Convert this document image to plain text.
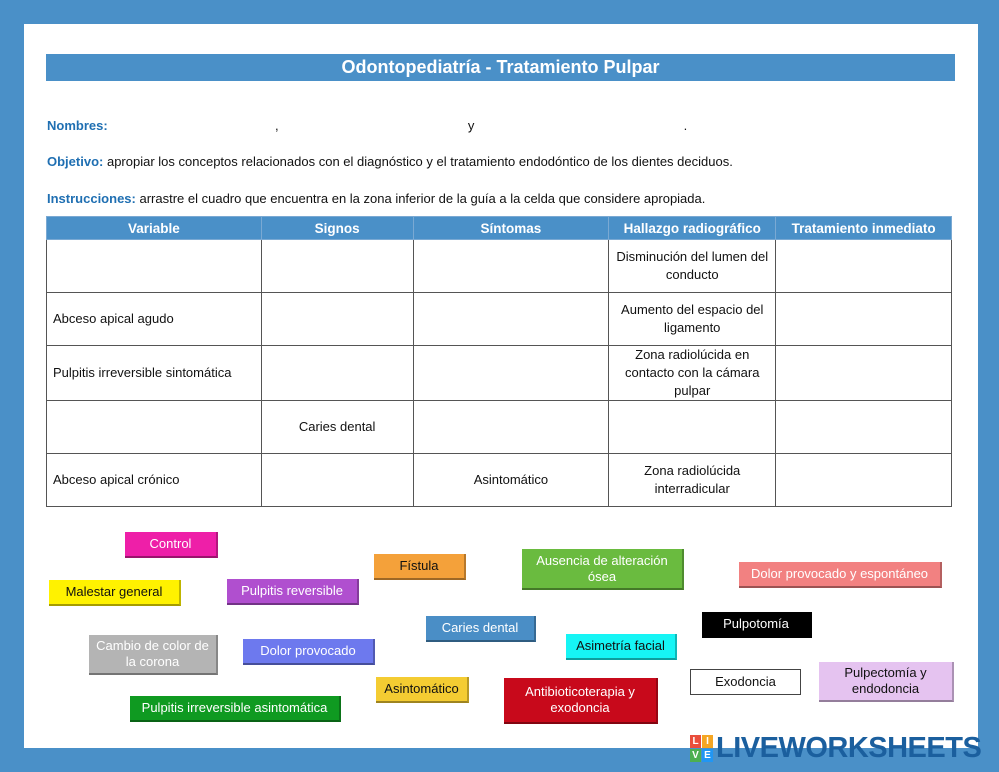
Odontopediatría - Tratamiento Pulpar
Nombres:	,	y	.
Objetivo: apropiar los conceptos relacionados con el diagnóstico y el tratamiento endodóntico de los dientes deciduos.
Instrucciones: arrastre el cuadro que encuentra en la zona inferior de la guía a la celda que considere apropiada.
Variable	Signos	Síntomas	Hallazgo radiográfico	Tratamiento inmediato
			Disminución del lumen del conducto	
Abceso apical agudo			Aumento del espacio del ligamento	
Pulpitis irreversible sintomática			Zona radiolúcida en contacto con la cámara pulpar	
	Caries dental			
Abceso apical crónico		Asintomático	Zona radiolúcida interradicular	
Control
Fístula	Ausencia de alteración ósea	Dolor provocado y espontáneo
Malestar general	Pulpitis reversible
Caries dental	Pulpotomía
Cambio de color de la corona
Dolor provocado	Asimetría facial
Exodoncia
Pulpectomía y endodoncia
Asintomático	Antibioticoterapia y exodoncia
Pulpitis irreversible asintomática
L I
V E LIVEWORKSHEETS
